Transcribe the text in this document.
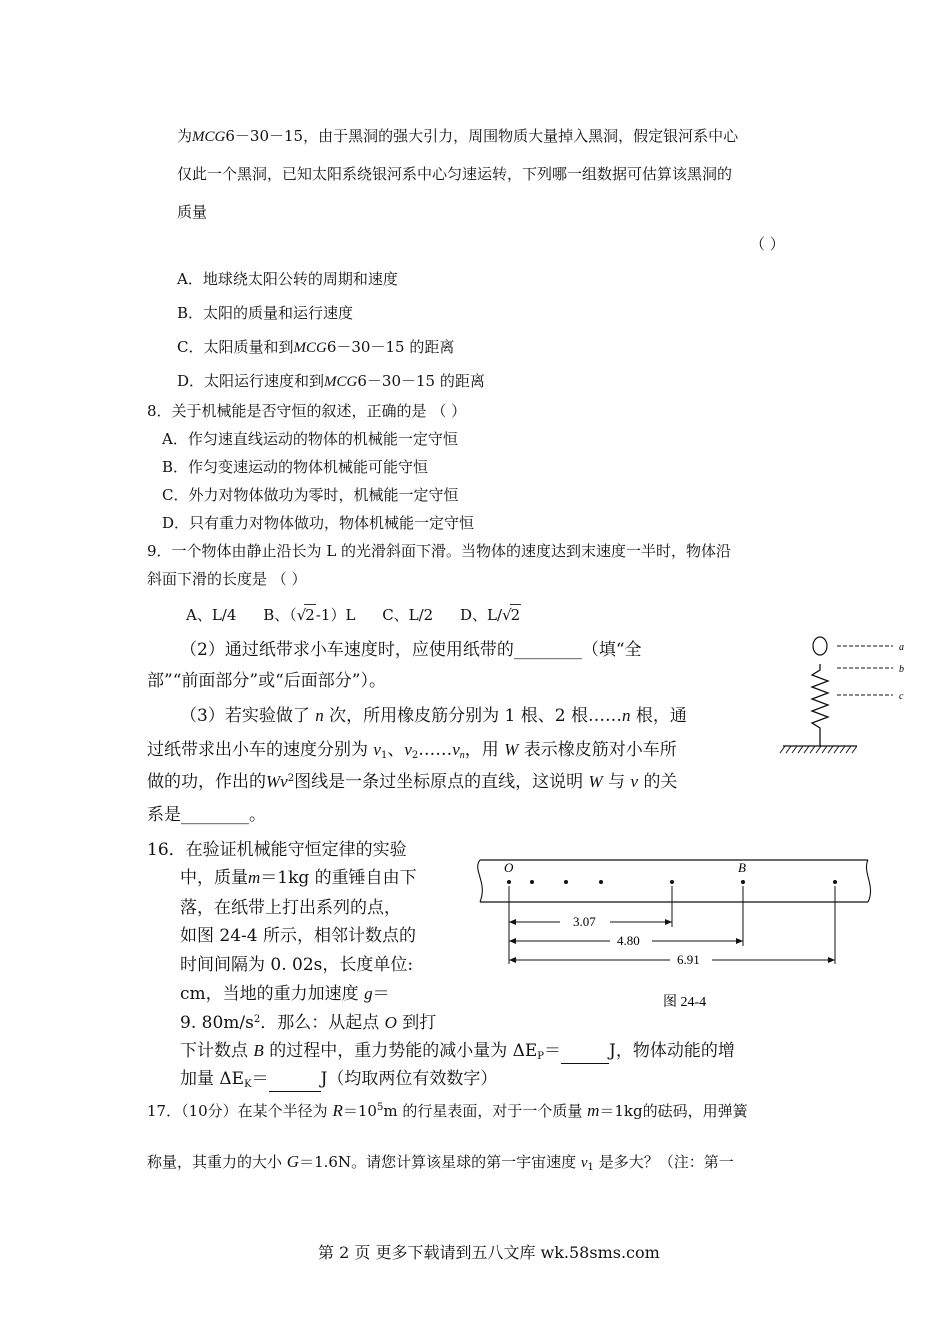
为MCG6－30－15，由于黑洞的强大引力，周围物质大量掉入黑洞，假定银河系中心
仅此一个黑洞，已知太阳系绕银河系中心匀速运转，下列哪一组数据可估算该黑洞的
质量
（ ）
A．地球绕太阳公转的周期和速度
B．太阳的质量和运行速度
C．太阳质量和到MCG6－30－15 的距离
D．太阳运行速度和到MCG6－30－15 的距离
8．关于机械能是否守恒的叙述，正确的是 （ ）
A．作匀速直线运动的物体的机械能一定守恒
B．作匀变速运动的物体机械能可能守恒
C．外力对物体做功为零时，机械能一定守恒
D．只有重力对物体做功，物体机械能一定守恒
9．一个物体由静止沿长为 L 的光滑斜面下滑。当物体的速度达到末速度一半时，物体沿
斜面下滑的长度是 （ ）
A、L/4 B、（√2-1）L C、L/2 D、L/√2
（2）通过纸带求小车速度时，应使用纸带的________（填“全
部”“前面部分”或“后面部分”）。
（3）若实验做了 n 次，所用橡皮筋分别为 1 根、2 根……n 根，通
过纸带求出小车的速度分别为 $v_1$、$v_2\dots\dots v_n$，用 W 表示橡皮筋对小车所
做的功，作出的Wv$^2$图线是一条过坐标原点的直线，这说明 W 与 v 的关
系是________。
a
b
c
16．在验证机械能守恒定律的实验
中，质量m＝1kg 的重锤自由下
落，在纸带上打出系列的点，
如图 24-4 所示，相邻计数点的
时间间隔为 0. 02s，长度单位:
cm，当地的重力加速度 g＝
9. $80m/s^2$．那么：从起点 O 到打
下计数点 B 的过程中，重力势能的减小量为 $\Delta E_P=$	J，物体动能的增
加量 $\Delta E_K=$	J（均取两位有效数字）
O	B
3.07
4.80
6.91
图 24-4
17．（10分）在某个半径为 $R=10^5m$ 的行星表面，对于一个质量 m＝1kg的砝码，用弹簧
称量，其重力的大小 G＝1.6N。请您计算该星球的第一宇宙速度 $v_1$ 是多大？（注：第一
第 2 页 更多下载请到五八文库 wk.58sms.com
